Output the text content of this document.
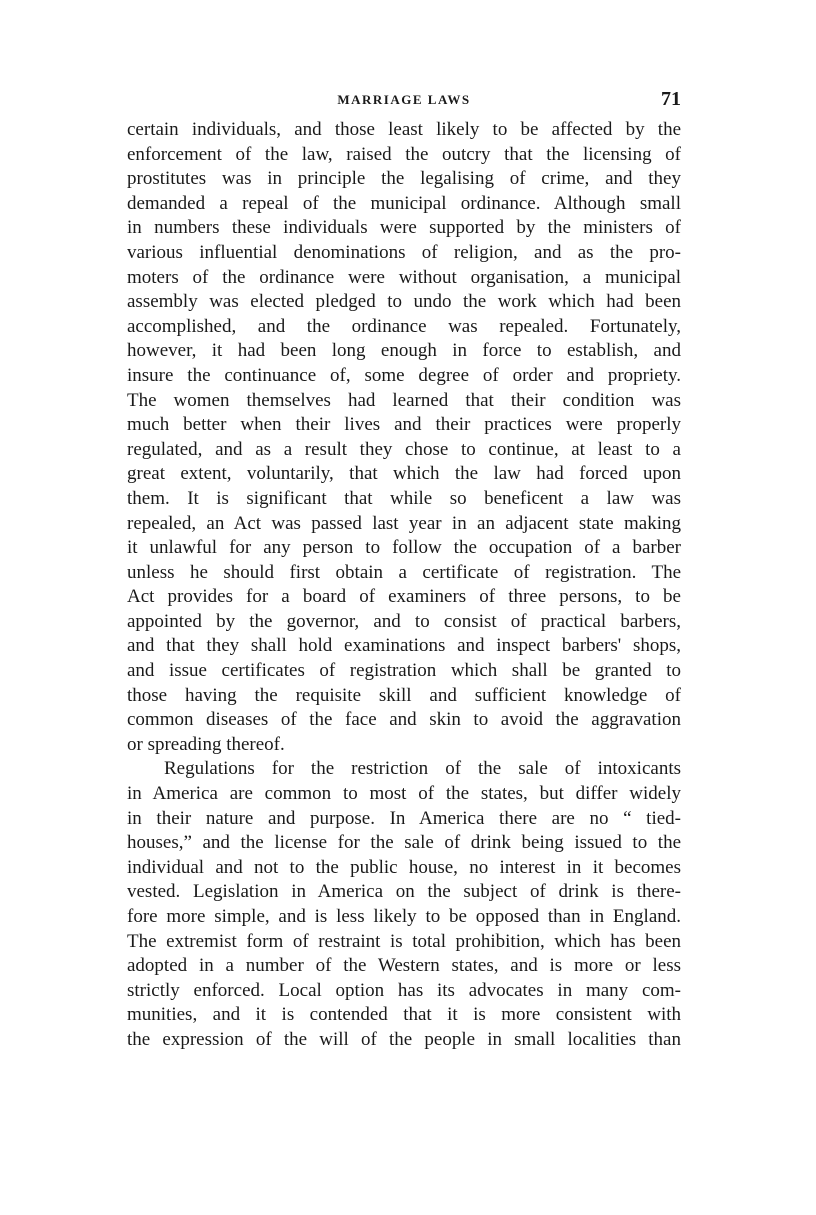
MARRIAGE LAWS	71
certain individuals, and those least likely to be affected by the
enforcement of the law, raised the outcry that the licensing of
prostitutes was in principle the legalising of crime, and they
demanded a repeal of the municipal ordinance. Although small
in numbers these individuals were supported by the ministers of
various influential denominations of religion, and as the pro-
moters of the ordinance were without organisation, a municipal
assembly was elected pledged to undo the work which had been
accomplished, and the ordinance was repealed. Fortunately,
however, it had been long enough in force to establish, and
insure the continuance of, some degree of order and propriety.
The women themselves had learned that their condition was
much better when their lives and their practices were properly
regulated, and as a result they chose to continue, at least to a
great extent, voluntarily, that which the law had forced upon
them. It is significant that while so beneficent a law was
repealed, an Act was passed last year in an adjacent state making
it unlawful for any person to follow the occupation of a barber
unless he should first obtain a certificate of registration. The
Act provides for a board of examiners of three persons, to be
appointed by the governor, and to consist of practical barbers,
and that they shall hold examinations and inspect barbers' shops,
and issue certificates of registration which shall be granted to
those having the requisite skill and sufficient knowledge of
common diseases of the face and skin to avoid the aggravation
or spreading thereof.
Regulations for the restriction of the sale of intoxicants
in America are common to most of the states, but differ widely
in their nature and purpose. In America there are no “ tied-
houses,” and the license for the sale of drink being issued to the
individual and not to the public house, no interest in it becomes
vested. Legislation in America on the subject of drink is there-
fore more simple, and is less likely to be opposed than in England.
The extremist form of restraint is total prohibition, which has been
adopted in a number of the Western states, and is more or less
strictly enforced. Local option has its advocates in many com-
munities, and it is contended that it is more consistent with
the expression of the will of the people in small localities than
